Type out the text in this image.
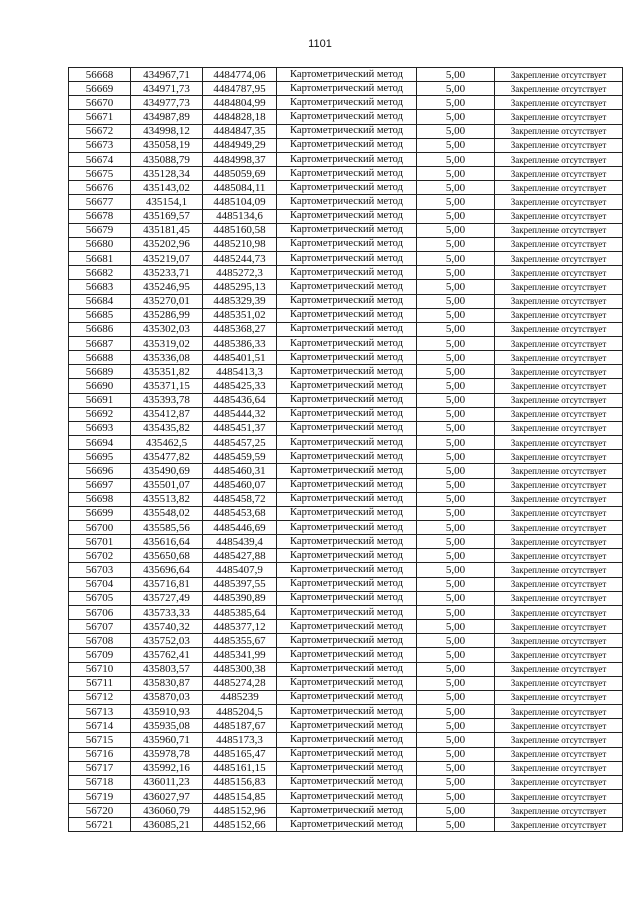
1101
56668	434967,71	4484774,06	Картометрический метод	5,00	Закрепление отсутствует
56669	434971,73	4484787,95	Картометрический метод	5,00	Закрепление отсутствует
56670	434977,73	4484804,99	Картометрический метод	5,00	Закрепление отсутствует
56671	434987,89	4484828,18	Картометрический метод	5,00	Закрепление отсутствует
56672	434998,12	4484847,35	Картометрический метод	5,00	Закрепление отсутствует
56673	435058,19	4484949,29	Картометрический метод	5,00	Закрепление отсутствует
56674	435088,79	4484998,37	Картометрический метод	5,00	Закрепление отсутствует
56675	435128,34	4485059,69	Картометрический метод	5,00	Закрепление отсутствует
56676	435143,02	4485084,11	Картометрический метод	5,00	Закрепление отсутствует
56677	435154,1	4485104,09	Картометрический метод	5,00	Закрепление отсутствует
56678	435169,57	4485134,6	Картометрический метод	5,00	Закрепление отсутствует
56679	435181,45	4485160,58	Картометрический метод	5,00	Закрепление отсутствует
56680	435202,96	4485210,98	Картометрический метод	5,00	Закрепление отсутствует
56681	435219,07	4485244,73	Картометрический метод	5,00	Закрепление отсутствует
56682	435233,71	4485272,3	Картометрический метод	5,00	Закрепление отсутствует
56683	435246,95	4485295,13	Картометрический метод	5,00	Закрепление отсутствует
56684	435270,01	4485329,39	Картометрический метод	5,00	Закрепление отсутствует
56685	435286,99	4485351,02	Картометрический метод	5,00	Закрепление отсутствует
56686	435302,03	4485368,27	Картометрический метод	5,00	Закрепление отсутствует
56687	435319,02	4485386,33	Картометрический метод	5,00	Закрепление отсутствует
56688	435336,08	4485401,51	Картометрический метод	5,00	Закрепление отсутствует
56689	435351,82	4485413,3	Картометрический метод	5,00	Закрепление отсутствует
56690	435371,15	4485425,33	Картометрический метод	5,00	Закрепление отсутствует
56691	435393,78	4485436,64	Картометрический метод	5,00	Закрепление отсутствует
56692	435412,87	4485444,32	Картометрический метод	5,00	Закрепление отсутствует
56693	435435,82	4485451,37	Картометрический метод	5,00	Закрепление отсутствует
56694	435462,5	4485457,25	Картометрический метод	5,00	Закрепление отсутствует
56695	435477,82	4485459,59	Картометрический метод	5,00	Закрепление отсутствует
56696	435490,69	4485460,31	Картометрический метод	5,00	Закрепление отсутствует
56697	435501,07	4485460,07	Картометрический метод	5,00	Закрепление отсутствует
56698	435513,82	4485458,72	Картометрический метод	5,00	Закрепление отсутствует
56699	435548,02	4485453,68	Картометрический метод	5,00	Закрепление отсутствует
56700	435585,56	4485446,69	Картометрический метод	5,00	Закрепление отсутствует
56701	435616,64	4485439,4	Картометрический метод	5,00	Закрепление отсутствует
56702	435650,68	4485427,88	Картометрический метод	5,00	Закрепление отсутствует
56703	435696,64	4485407,9	Картометрический метод	5,00	Закрепление отсутствует
56704	435716,81	4485397,55	Картометрический метод	5,00	Закрепление отсутствует
56705	435727,49	4485390,89	Картометрический метод	5,00	Закрепление отсутствует
56706	435733,33	4485385,64	Картометрический метод	5,00	Закрепление отсутствует
56707	435740,32	4485377,12	Картометрический метод	5,00	Закрепление отсутствует
56708	435752,03	4485355,67	Картометрический метод	5,00	Закрепление отсутствует
56709	435762,41	4485341,99	Картометрический метод	5,00	Закрепление отсутствует
56710	435803,57	4485300,38	Картометрический метод	5,00	Закрепление отсутствует
56711	435830,87	4485274,28	Картометрический метод	5,00	Закрепление отсутствует
56712	435870,03	4485239	Картометрический метод	5,00	Закрепление отсутствует
56713	435910,93	4485204,5	Картометрический метод	5,00	Закрепление отсутствует
56714	435935,08	4485187,67	Картометрический метод	5,00	Закрепление отсутствует
56715	435960,71	4485173,3	Картометрический метод	5,00	Закрепление отсутствует
56716	435978,78	4485165,47	Картометрический метод	5,00	Закрепление отсутствует
56717	435992,16	4485161,15	Картометрический метод	5,00	Закрепление отсутствует
56718	436011,23	4485156,83	Картометрический метод	5,00	Закрепление отсутствует
56719	436027,97	4485154,85	Картометрический метод	5,00	Закрепление отсутствует
56720	436060,79	4485152,96	Картометрический метод	5,00	Закрепление отсутствует
56721	436085,21	4485152,66	Картометрический метод	5,00	Закрепление отсутствует
